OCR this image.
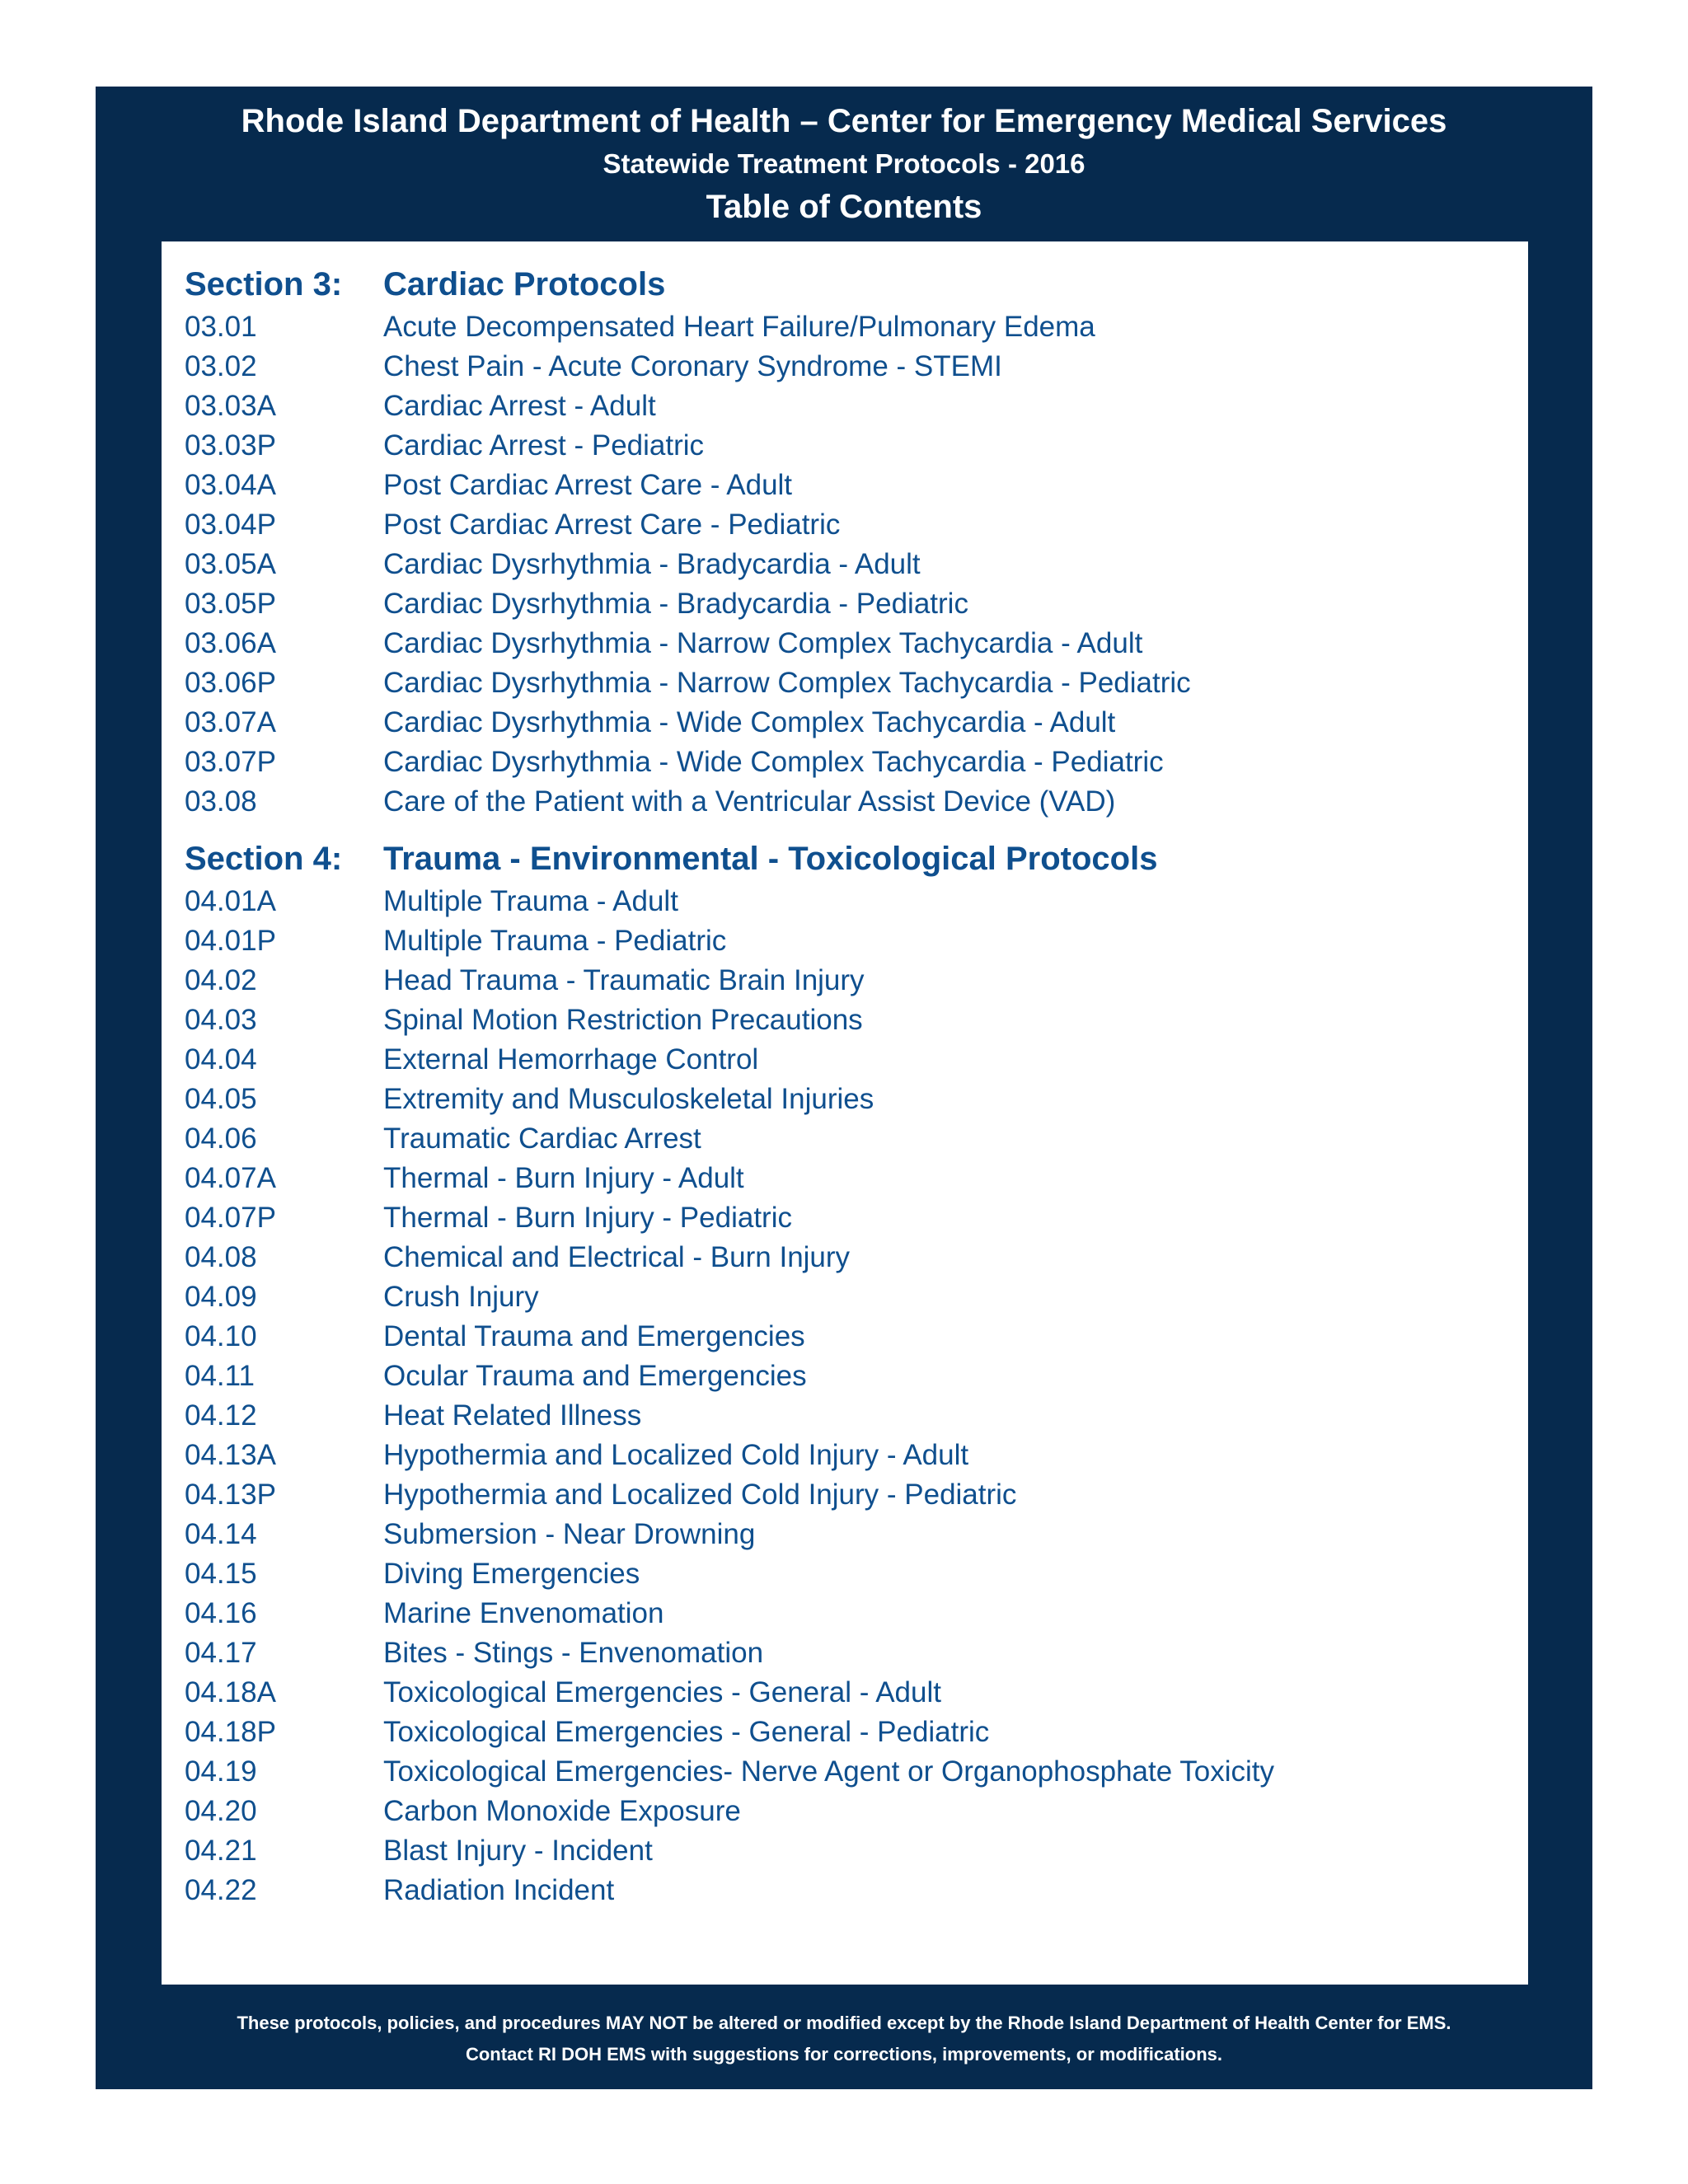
Rhode Island Department of Health – Center for Emergency Medical Services
Statewide Treatment Protocols - 2016
Table of Contents
Section 3: Cardiac Protocols
03.01	Acute Decompensated Heart Failure/Pulmonary Edema
03.02	Chest Pain - Acute Coronary Syndrome - STEMI
03.03A	Cardiac Arrest - Adult
03.03P	Cardiac Arrest - Pediatric
03.04A	Post Cardiac Arrest Care - Adult
03.04P	Post Cardiac Arrest Care - Pediatric
03.05A	Cardiac Dysrhythmia - Bradycardia - Adult
03.05P	Cardiac Dysrhythmia - Bradycardia - Pediatric
03.06A	Cardiac Dysrhythmia - Narrow Complex Tachycardia - Adult
03.06P	Cardiac Dysrhythmia - Narrow Complex Tachycardia - Pediatric
03.07A	Cardiac Dysrhythmia - Wide Complex Tachycardia - Adult
03.07P	Cardiac Dysrhythmia - Wide Complex Tachycardia - Pediatric
03.08	Care of the Patient with a Ventricular Assist Device (VAD)
Section 4: Trauma - Environmental - Toxicological Protocols
04.01A	Multiple Trauma - Adult
04.01P	Multiple Trauma - Pediatric
04.02	Head Trauma - Traumatic Brain Injury
04.03	Spinal Motion Restriction Precautions
04.04	External Hemorrhage Control
04.05	Extremity and Musculoskeletal Injuries
04.06	Traumatic Cardiac Arrest
04.07A	Thermal - Burn Injury - Adult
04.07P	Thermal - Burn Injury - Pediatric
04.08	Chemical and Electrical - Burn Injury
04.09	Crush Injury
04.10	Dental Trauma and Emergencies
04.11	Ocular Trauma and Emergencies
04.12	Heat Related Illness
04.13A	Hypothermia and Localized Cold Injury - Adult
04.13P	Hypothermia and Localized Cold Injury - Pediatric
04.14	Submersion - Near Drowning
04.15	Diving Emergencies
04.16	Marine Envenomation
04.17	Bites - Stings - Envenomation
04.18A	Toxicological Emergencies - General - Adult
04.18P	Toxicological Emergencies - General - Pediatric
04.19	Toxicological Emergencies- Nerve Agent or Organophosphate Toxicity
04.20	Carbon Monoxide Exposure
04.21	Blast Injury - Incident
04.22	Radiation Incident
These protocols, policies, and procedures MAY NOT be altered or modified except by the Rhode Island Department of Health Center for EMS.
Contact RI DOH EMS with suggestions for corrections, improvements, or modifications.
